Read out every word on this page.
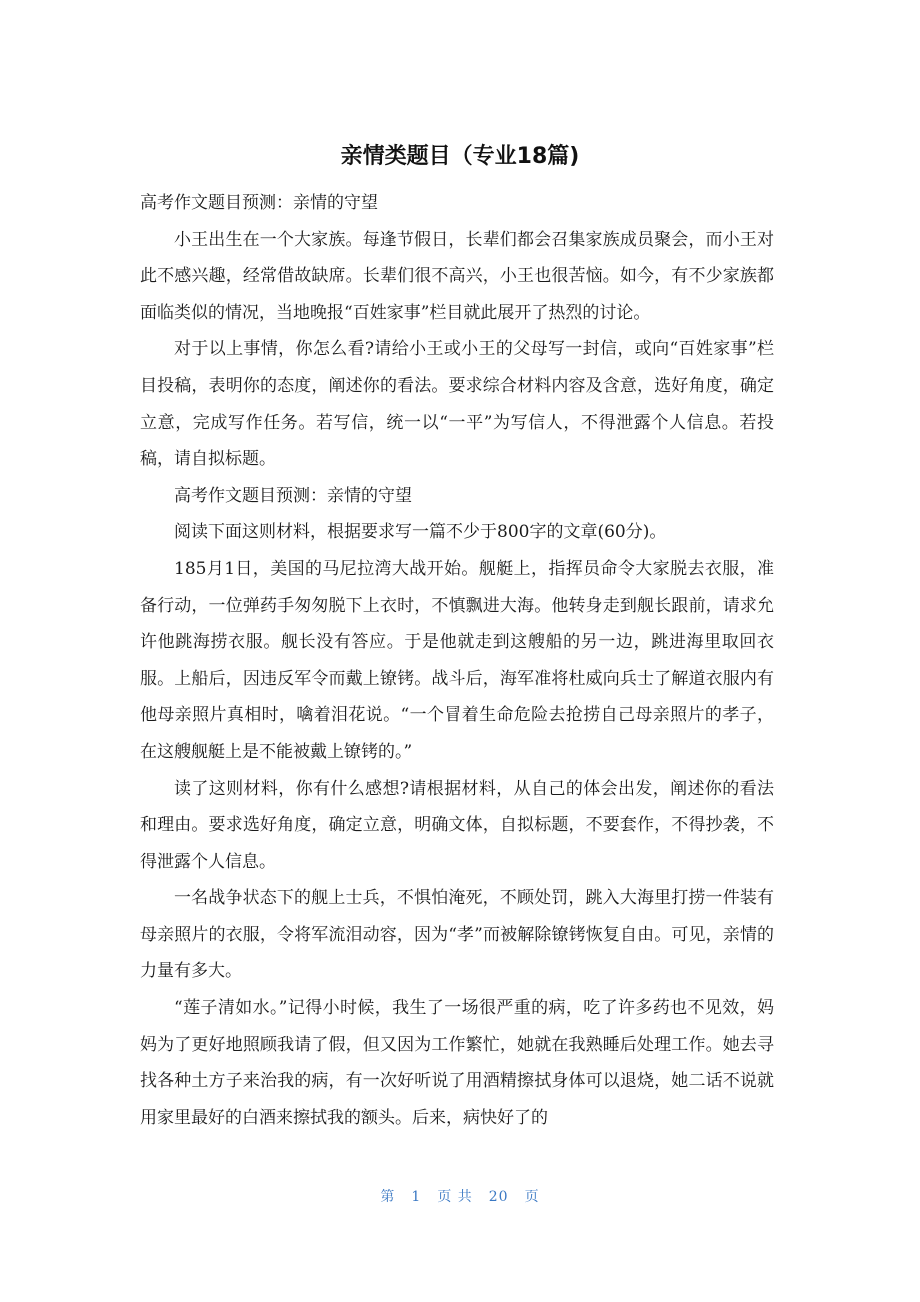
亲情类题目（专业18篇)

高考作文题目预测：亲情的守望

小王出生在一个大家族。每逢节假日，长辈们都会召集家族成员聚会，而小王对此不感兴趣，经常借故缺席。长辈们很不高兴，小王也很苦恼。如今，有不少家族都面临类似的情况，当地晚报“百姓家事”栏目就此展开了热烈的讨论。

对于以上事情，你怎么看?请给小王或小王的父母写一封信，或向“百姓家事”栏目投稿，表明你的态度，阐述你的看法。要求综合材料内容及含意，选好角度，确定立意，完成写作任务。若写信，统一以“一平”为写信人，不得泄露个人信息。若投稿，请自拟标题。

高考作文题目预测：亲情的守望

阅读下面这则材料，根据要求写一篇不少于800字的文章(60分)。

185月1日，美国的马尼拉湾大战开始。舰艇上，指挥员命令大家脱去衣服，准备行动，一位弹药手匆匆脱下上衣时，不慎飘进大海。他转身走到舰长跟前，请求允许他跳海捞衣服。舰长没有答应。于是他就走到这艘船的另一边，跳进海里取回衣服。上船后，因违反军令而戴上镣铐。战斗后，海军准将杜威向兵士了解道衣服内有他母亲照片真相时，噙着泪花说。“一个冒着生命危险去抢捞自己母亲照片的孝子，在这艘舰艇上是不能被戴上镣铐的。”

读了这则材料，你有什么感想?请根据材料，从自己的体会出发，阐述你的看法和理由。要求选好角度，确定立意，明确文体，自拟标题，不要套作，不得抄袭，不得泄露个人信息。

一名战争状态下的舰上士兵，不惧怕淹死，不顾处罚，跳入大海里打捞一件装有母亲照片的衣服，令将军流泪动容，因为“孝”而被解除镣铐恢复自由。可见，亲情的力量有多大。

“莲子清如水。”记得小时候，我生了一场很严重的病，吃了许多药也不见效，妈妈为了更好地照顾我请了假，但又因为工作繁忙，她就在我熟睡后处理工作。她去寻找各种土方子来治我的病，有一次好听说了用酒精擦拭身体可以退烧，她二话不说就用家里最好的白酒来擦拭我的额头。后来，病快好了的

第 1 页 共 20 页
